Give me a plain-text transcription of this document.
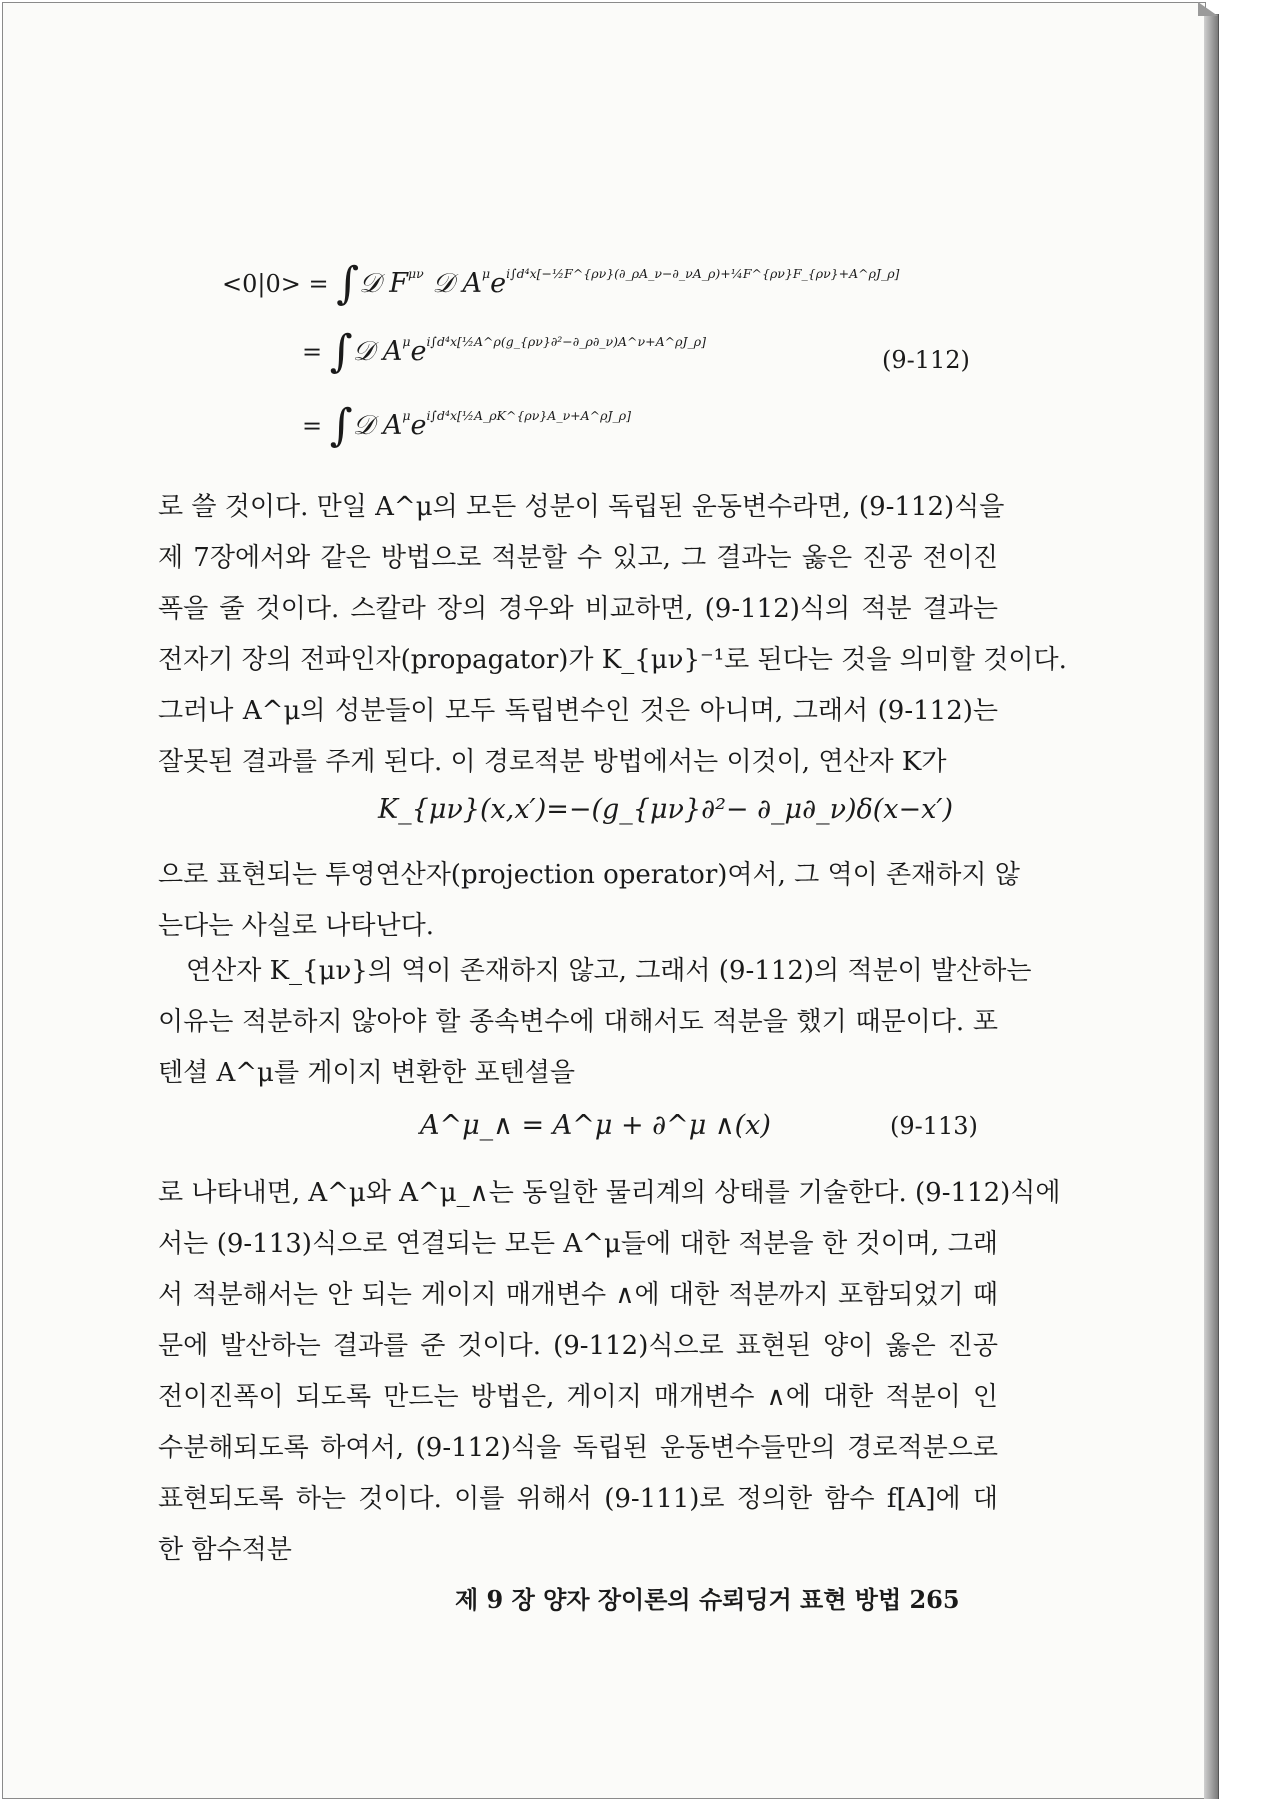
<0|0> = ∫𝒟 $F^{\mu\nu}$ 𝒟 $A^\mu e^{i\int d^4x[-\frac{1}{2}F\^{}\{\rho\nu\}(\partial\_\rho A\_\nu-\partial\_\nu A\_\rho)+\frac{1}{4}F\^{}\{\rho\nu\}F\_\{\rho\nu\}+A\^{}\rho J\_\rho]}$
= ∫𝒟 $A^\mu e^{i\int d^4x[\frac{1}{2}A\^{}\rho(g\_\{\rho\nu\}\partial^2-\partial\_\rho\partial\_\nu)A\^{}\nu+A\^{}\rho J\_\rho]}$
(9-112)
= ∫𝒟 $A^\mu e^{i\int d^4x[\frac{1}{2}A\_\rho K\^{}\{\rho\nu\}A\_\nu+A\^{}\rho J\_\rho]}$
로 쓸 것이다. 만일 A^μ의 모든 성분이 독립된 운동변수라면, (9-112)식을
제 7장에서와 같은 방법으로 적분할 수 있고, 그 결과는 옳은 진공 전이진
폭을 줄 것이다. 스칼라 장의 경우와 비교하면, (9-112)식의 적분 결과는
전자기 장의 전파인자(propagator)가 K_{μν}⁻¹로 된다는 것을 의미할 것이다.
그러나 A^μ의 성분들이 모두 독립변수인 것은 아니며, 그래서 (9-112)는
잘못된 결과를 주게 된다. 이 경로적분 방법에서는 이것이, 연산자 K가
K_{μν}(x,x′)=−(g_{μν}∂²− ∂_μ∂_ν)δ(x−x′)
으로 표현되는 투영연산자(projection operator)여서, 그 역이 존재하지 않
는다는 사실로 나타난다.
연산자 K_{μν}의 역이 존재하지 않고, 그래서 (9-112)의 적분이 발산하는
이유는 적분하지 않아야 할 종속변수에 대해서도 적분을 했기 때문이다. 포
텐셜 A^μ를 게이지 변환한 포텐셜을
A^μ_∧ = A^μ + ∂^μ ∧(x)	(9-113)
로 나타내면, A^μ와 A^μ_∧는 동일한 물리계의 상태를 기술한다. (9-112)식에
서는 (9-113)식으로 연결되는 모든 A^μ들에 대한 적분을 한 것이며, 그래
서 적분해서는 안 되는 게이지 매개변수 ∧에 대한 적분까지 포함되었기 때
문에 발산하는 결과를 준 것이다. (9-112)식으로 표현된 양이 옳은 진공
전이진폭이 되도록 만드는 방법은, 게이지 매개변수 ∧에 대한 적분이 인
수분해되도록 하여서, (9-112)식을 독립된 운동변수들만의 경로적분으로
표현되도록 하는 것이다. 이를 위해서 (9-111)로 정의한 함수 f[A]에 대
한 함수적분
제 9 장 양자 장이론의 슈뢰딩거 표현 방법 265
